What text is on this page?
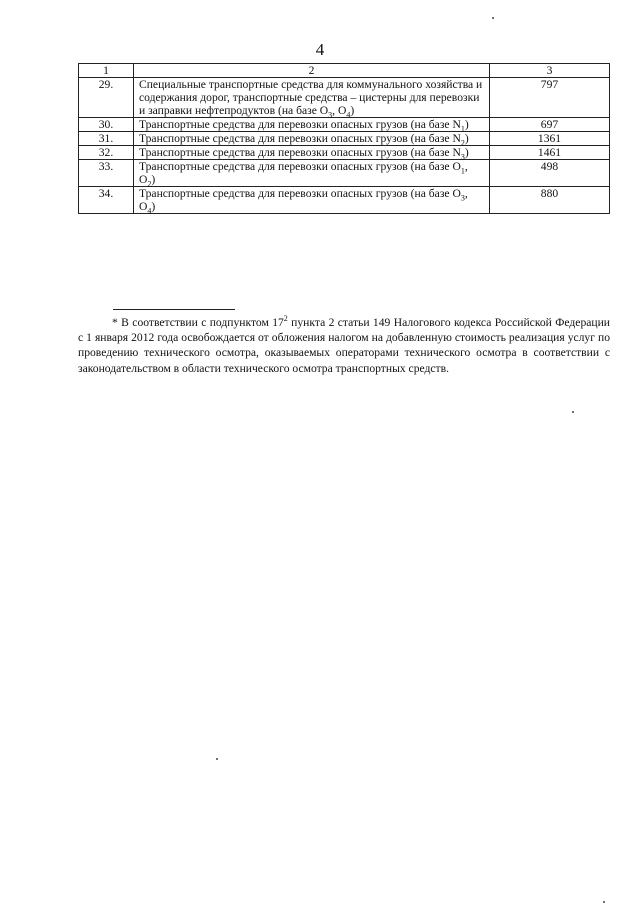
4
1	2	3
29.	Специальные транспортные средства для коммунального хозяйства и содержания дорог, транспортные средства – цистерны для перевозки и заправки нефтепродуктов (на базе $O_3$, $O_4$)	797
30.	Транспортные средства для перевозки опасных грузов (на базе $N_1$)	697
31.	Транспортные средства для перевозки опасных грузов (на базе $N_2$)	1361
32.	Транспортные средства для перевозки опасных грузов (на базе $N_3$)	1461
33.	Транспортные средства для перевозки опасных грузов (на базе $O_1$, $O_2$)	498
34.	Транспортные средства для перевозки опасных грузов (на базе $O_3$, $O_4$)	880
* В соответствии с подпунктом $17^2$ пункта 2 статьи 149 Налогового кодекса Российской Федерации с 1 января 2012 года освобождается от обложения налогом на добавленную стоимость реализация услуг по проведению технического осмотра, оказываемых операторами технического осмотра в соответствии с законодательством в области технического осмотра транспортных средств.
